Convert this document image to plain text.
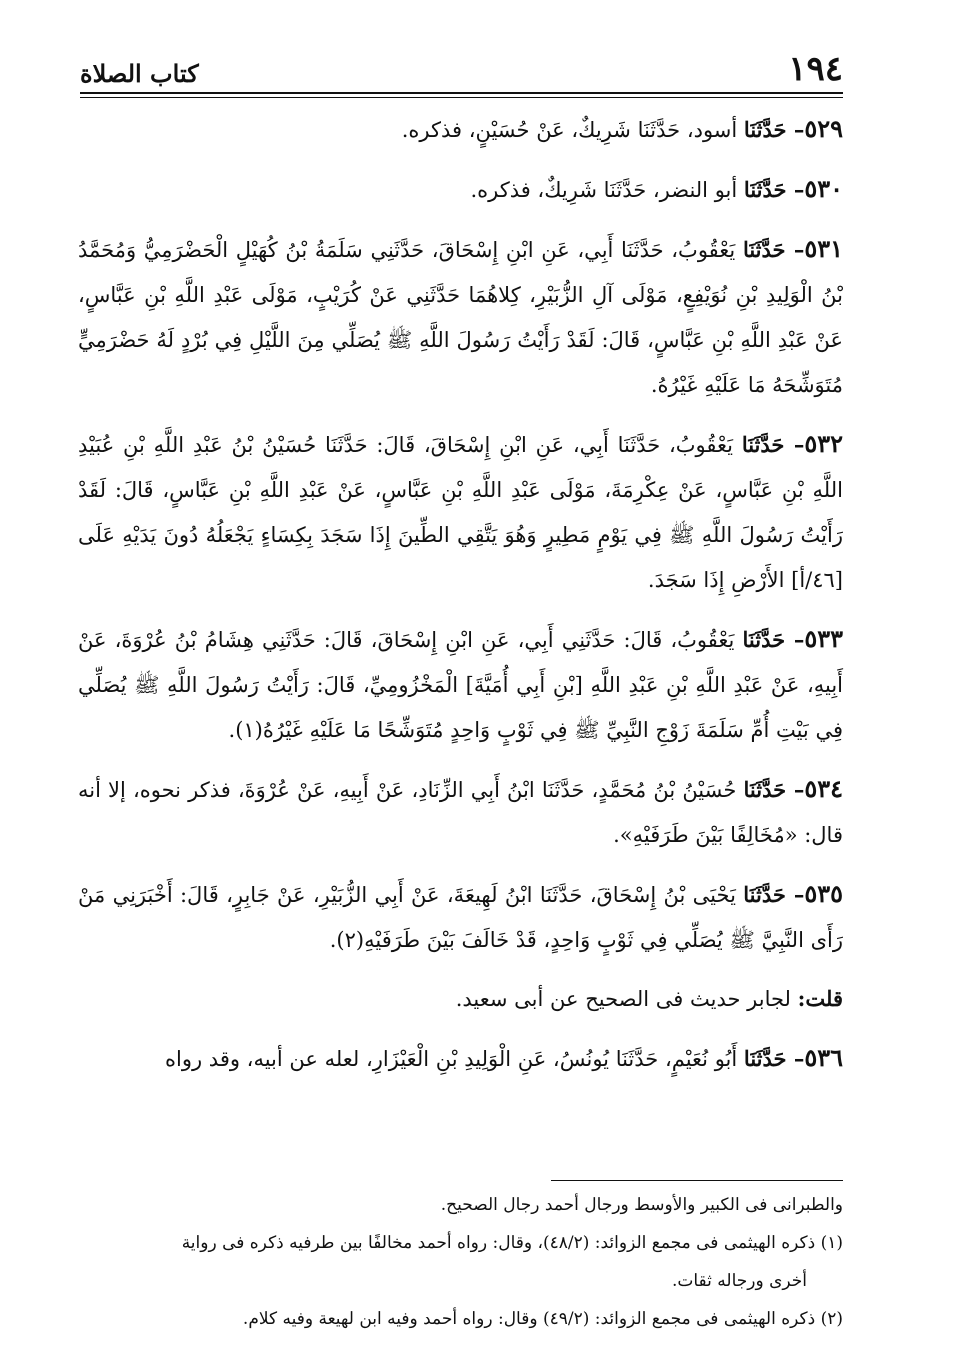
١٩٤
كتاب الصلاة

٥٢٩– حَدَّثَنَا أسود، حَدَّثَنَا شَرِيكٌ، عَنْ حُسَيْنٍ، فذكره.

٥٣٠– حَدَّثَنَا أبو النضر، حَدَّثَنَا شَرِيكٌ، فذكره.

٥٣١– حَدَّثَنَا يَعْقُوبُ، حَدَّثَنَا أَبِي، عَنِ ابْنِ إِسْحَاقَ، حَدَّثَنِي سَلَمَةُ بْنُ كُهَيْلٍ الْحَضْرَمِيُّ وَمُحَمَّدُ بْنُ الْوَلِيدِ بْنِ نُوَيْفِعٍ، مَوْلَى آلِ الزُّبَيْرِ، كِلاهُمَا حَدَّثَنِي عَنْ كُرَيْبٍ، مَوْلَى عَبْدِ اللَّهِ بْنِ عَبَّاسٍ، عَنْ عَبْدِ اللَّهِ بْنِ عَبَّاسٍ، قَالَ: لَقَدْ رَأَيْتُ رَسُولَ اللَّهِ ﷺ يُصَلِّي مِنَ اللَّيْلِ فِي بُرْدٍ لَهُ حَضْرَمِيٍّ مُتَوَشِّحَهُ مَا عَلَيْهِ غَيْرُهُ.

٥٣٢– حَدَّثَنَا يَعْقُوبُ، حَدَّثَنَا أَبِي، عَنِ ابْنِ إِسْحَاقَ، قَالَ: حَدَّثَنَا حُسَيْنُ بْنُ عَبْدِ اللَّهِ بْنِ عُبَيْدِ اللَّهِ بْنِ عَبَّاسٍ، عَنْ عِكْرِمَةَ، مَوْلَى عَبْدِ اللَّهِ بْنِ عَبَّاسٍ، عَنْ عَبْدِ اللَّهِ بْنِ عَبَّاسٍ، قَالَ: لَقَدْ رَأَيْتُ رَسُولَ اللَّهِ ﷺ فِي يَوْمٍ مَطِيرٍ وَهُوَ يَتَّقِي الطِّينَ إِذَا سَجَدَ بِكِسَاءٍ يَجْعَلُهُ دُونَ يَدَيْهِ عَلَى [٤٦/أ] الأَرْضِ إِذَا سَجَدَ.

٥٣٣– حَدَّثَنَا يَعْقُوبُ، قَالَ: حَدَّثَنِي أَبِي، عَنِ ابْنِ إِسْحَاقَ، قَالَ: حَدَّثَنِي هِشَامُ بْنُ عُرْوَةَ، عَنْ أَبِيهِ، عَنْ عَبْدِ اللَّهِ بْنِ عَبْدِ اللَّهِ [بْنِ أَبِي أُمَيَّةَ] الْمَخْزُومِيِّ، قَالَ: رَأَيْتُ رَسُولَ اللَّهِ ﷺ يُصَلِّي فِي بَيْتِ أُمِّ سَلَمَةَ زَوْجِ النَّبِيِّ ﷺ فِي ثَوْبٍ وَاحِدٍ مُتَوَشِّحًا مَا عَلَيْهِ غَيْرُهُ(١).

٥٣٤– حَدَّثَنَا حُسَيْنُ بْنُ مُحَمَّدٍ، حَدَّثَنَا ابْنُ أَبِي الزِّنَادِ، عَنْ أَبِيهِ، عَنْ عُرْوَةَ، فذكر نحوه، إلا أنه قال: «مُخَالِفًا بَيْنَ طَرَفَيْهِ».

٥٣٥– حَدَّثَنَا يَحْيَى بْنُ إِسْحَاقَ، حَدَّثَنَا ابْنُ لَهِيعَةَ، عَنْ أَبِي الزُّبَيْرِ، عَنْ جَابِرٍ، قَالَ: أَخْبَرَنِي مَنْ رَأَى النَّبِيَّ ﷺ يُصَلِّي فِي ثَوْبٍ وَاحِدٍ، قَدْ خَالَفَ بَيْنَ طَرَفَيْهِ(٢).

قلت: لجابر حديث فى الصحيح عن أبى سعيد.

٥٣٦– حَدَّثَنَا أَبُو نُعَيْمٍ، حَدَّثَنَا يُونُسُ، عَنِ الْوَلِيدِ بْنِ الْعَيْزَارِ، لعله عن أبيه، وقد رواه

والطبرانى فى الكبير والأوسط ورجال أحمد رجال الصحيح.

(١) ذكره الهيثمى فى مجمع الزوائد: (٤٨/٢)، وقال: رواه أحمد مخالفًا بين طرفيه ذكره فى رواية

أخرى ورجاله ثقات.

(٢) ذكره الهيثمى فى مجمع الزوائد: (٤٩/٢) وقال: رواه أحمد وفيه ابن لهيعة وفيه كلام.
